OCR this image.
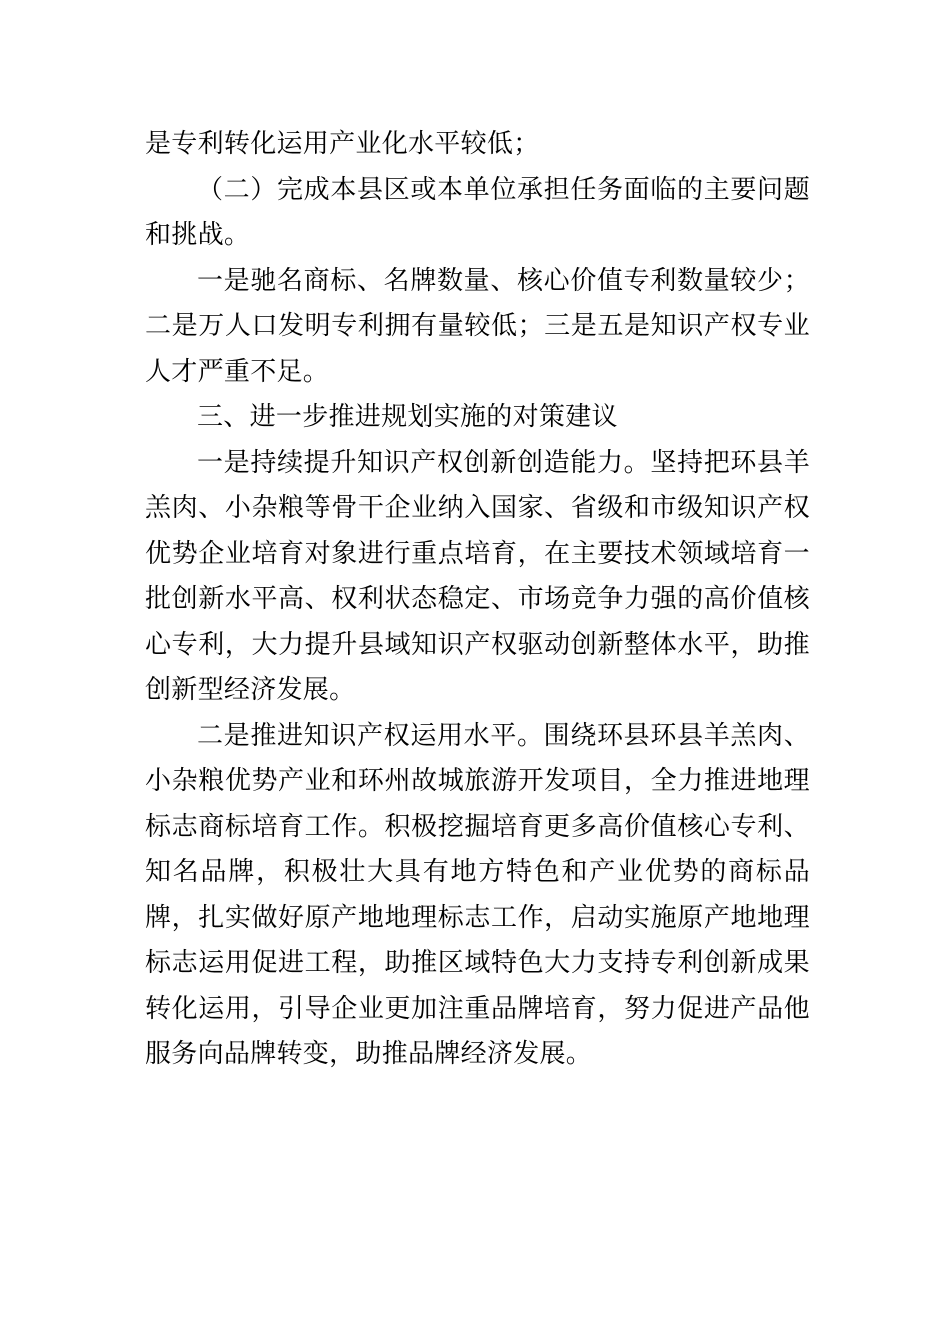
是专利转化运用产业化水平较低；

（二）完成本县区或本单位承担任务面临的主要问题和挑战。

一是驰名商标、名牌数量、核心价值专利数量较少；二是万人口发明专利拥有量较低；三是五是知识产权专业人才严重不足。

三、进一步推进规划实施的对策建议

一是持续提升知识产权创新创造能力。坚持把环县羊羔肉、小杂粮等骨干企业纳入国家、省级和市级知识产权优势企业培育对象进行重点培育，在主要技术领域培育一批创新水平高、权利状态稳定、市场竞争力强的高价值核心专利，大力提升县域知识产权驱动创新整体水平，助推创新型经济发展。

二是推进知识产权运用水平。围绕环县环县羊羔肉、小杂粮优势产业和环州故城旅游开发项目，全力推进地理标志商标培育工作。积极挖掘培育更多高价值核心专利、知名品牌，积极壮大具有地方特色和产业优势的商标品牌，扎实做好原产地地理标志工作，启动实施原产地地理标志运用促进工程，助推区域特色大力支持专利创新成果转化运用，引导企业更加注重品牌培育，努力促进产品他服务向品牌转变，助推品牌经济发展。
